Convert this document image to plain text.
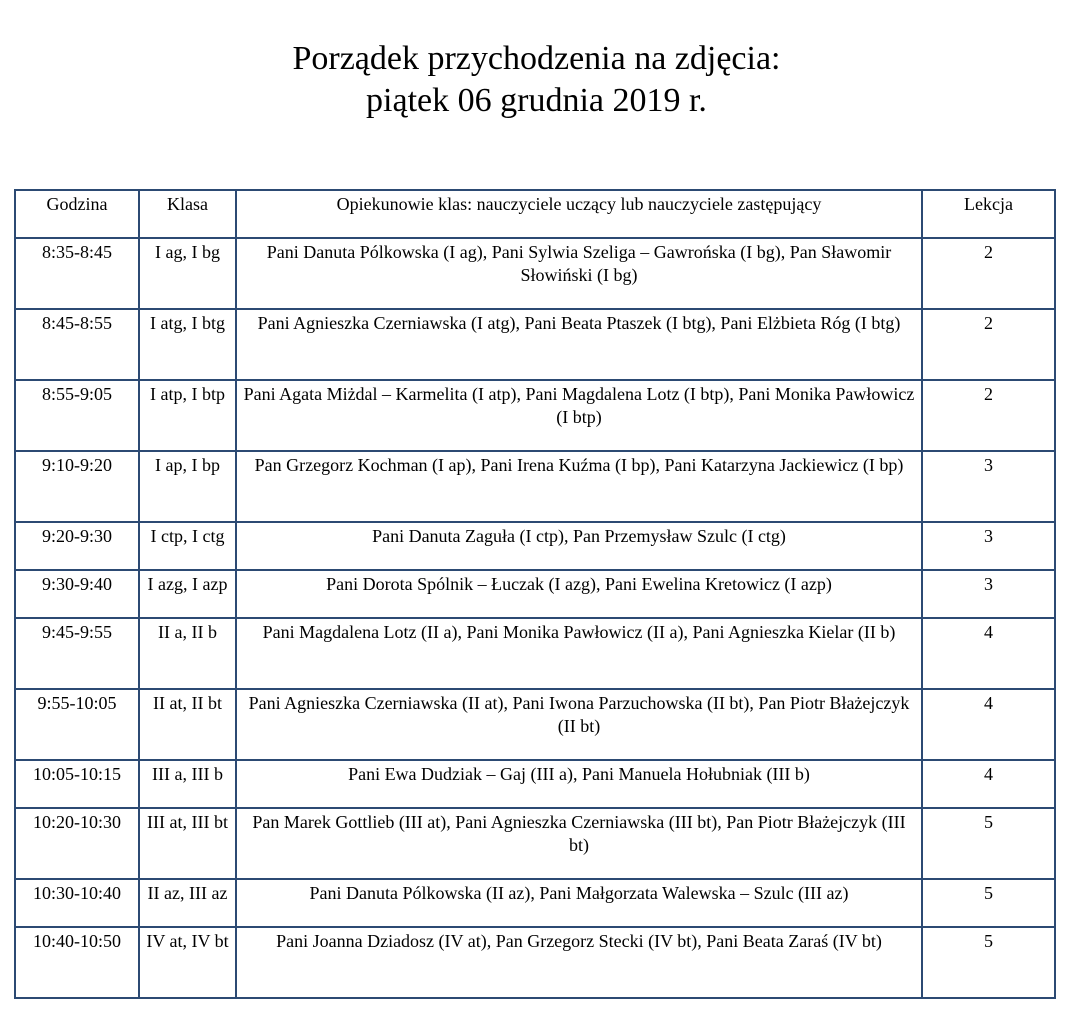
Porządek przychodzenia na zdjęcia:
piątek 06 grudnia 2019 r.
Godzina	Klasa	Opiekunowie klas: nauczyciele uczący lub nauczyciele zastępujący	Lekcja
8:35-8:45	I ag, I bg	Pani Danuta Pólkowska (I ag), Pani Sylwia Szeliga – Gawrońska (I bg), Pan Sławomir Słowiński (I bg)	2
8:45-8:55	I atg, I btg	Pani Agnieszka Czerniawska (I atg), Pani Beata Ptaszek (I btg), Pani Elżbieta Róg (I btg)	2
8:55-9:05	I atp, I btp	Pani Agata Miżdal – Karmelita (I atp), Pani Magdalena Lotz (I btp), Pani Monika Pawłowicz (I btp)	2
9:10-9:20	I ap, I bp	Pan Grzegorz Kochman (I ap), Pani Irena Kuźma (I bp), Pani Katarzyna Jackiewicz (I bp)	3
9:20-9:30	I ctp, I ctg	Pani Danuta Zaguła (I ctp), Pan Przemysław Szulc (I ctg)	3
9:30-9:40	I azg, I azp	Pani Dorota Spólnik – Łuczak (I azg), Pani Ewelina Kretowicz (I azp)	3
9:45-9:55	II a, II b	Pani Magdalena Lotz (II a), Pani Monika Pawłowicz (II a), Pani Agnieszka Kielar (II b)	4
9:55-10:05	II at, II bt	Pani Agnieszka Czerniawska (II at), Pani Iwona Parzuchowska (II bt), Pan Piotr Błażejczyk (II bt)	4
10:05-10:15	III a, III b	Pani Ewa Dudziak – Gaj (III a), Pani Manuela Hołubniak (III b)	4
10:20-10:30	III at, III bt	Pan Marek Gottlieb (III at), Pani Agnieszka Czerniawska (III bt), Pan Piotr Błażejczyk (III bt)	5
10:30-10:40	II az, III az	Pani Danuta Pólkowska (II az), Pani Małgorzata Walewska – Szulc (III az)	5
10:40-10:50	IV at, IV bt	Pani Joanna Dziadosz (IV at), Pan Grzegorz Stecki (IV bt), Pani Beata Zaraś (IV bt)	5
